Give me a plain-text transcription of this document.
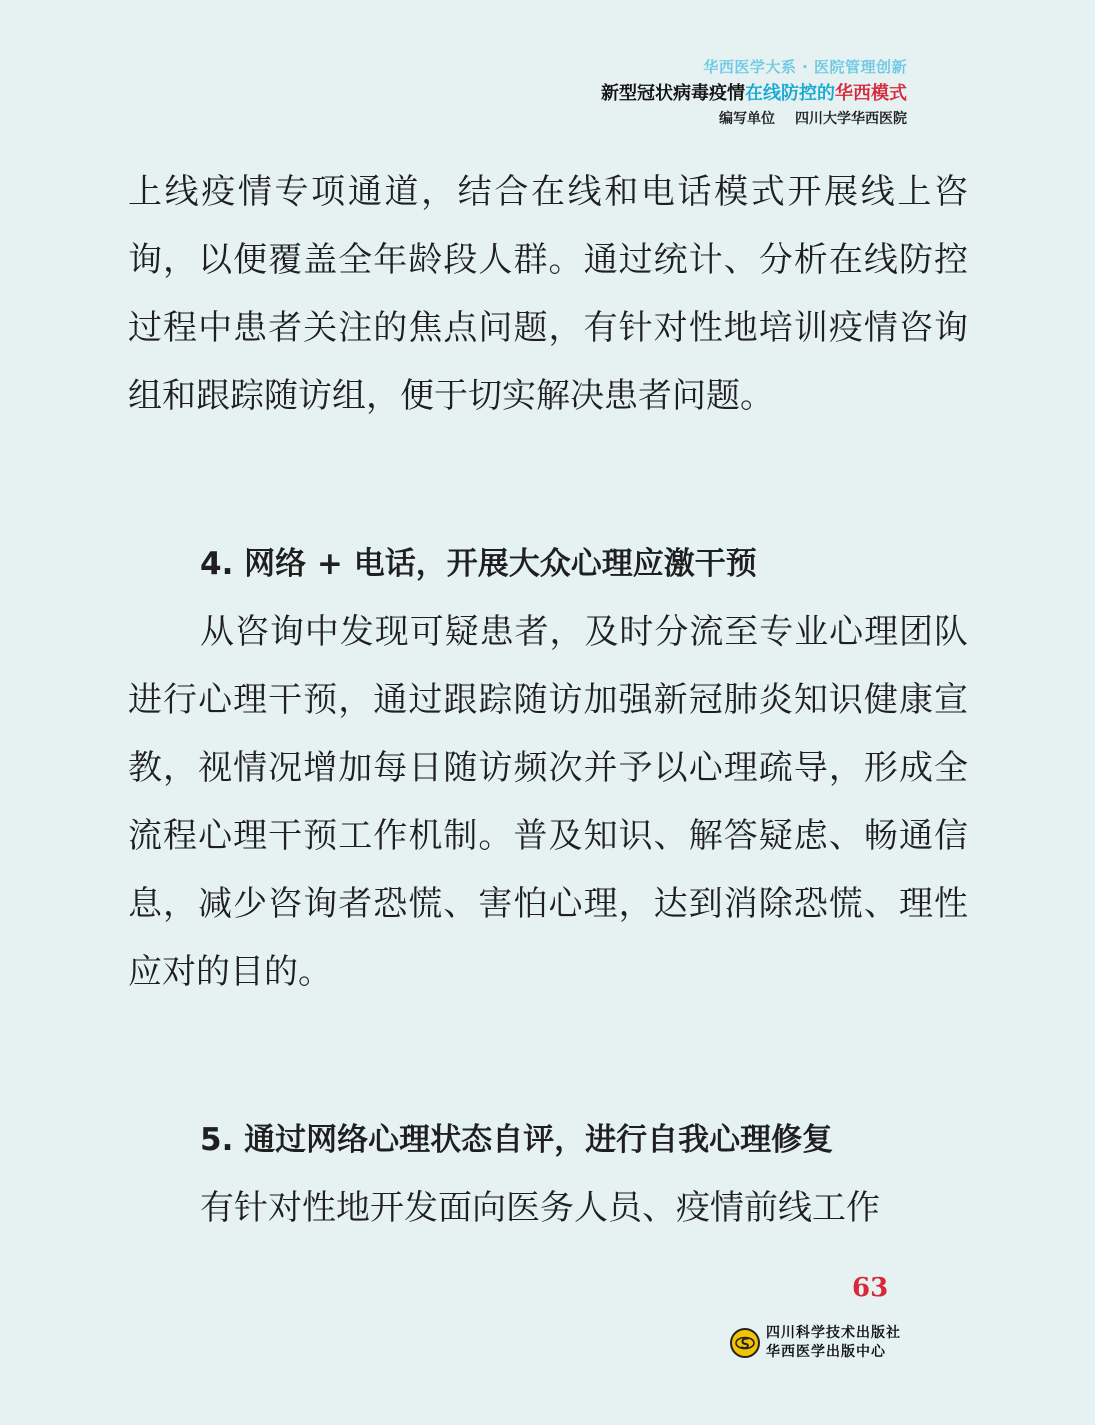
华西医学大系 · 医院管理创新
新型冠状病毒疫情在线防控的华西模式
编写单位 四川大学华西医院

上线疫情专项通道，结合在线和电话模式开展线上咨询，以便覆盖全年龄段人群。通过统计、分析在线防控过程中患者关注的焦点问题，有针对性地培训疫情咨询组和跟踪随访组，便于切实解决患者问题。

4. 网络 + 电话，开展大众心理应激干预

从咨询中发现可疑患者，及时分流至专业心理团队进行心理干预，通过跟踪随访加强新冠肺炎知识健康宣教，视情况增加每日随访频次并予以心理疏导，形成全流程心理干预工作机制。普及知识、解答疑虑、畅通信息，减少咨询者恐慌、害怕心理，达到消除恐慌、理性应对的目的。

5. 通过网络心理状态自评，进行自我心理修复

有针对性地开发面向医务人员、疫情前线工作

63
四川科学技术出版社
华西医学出版中心
